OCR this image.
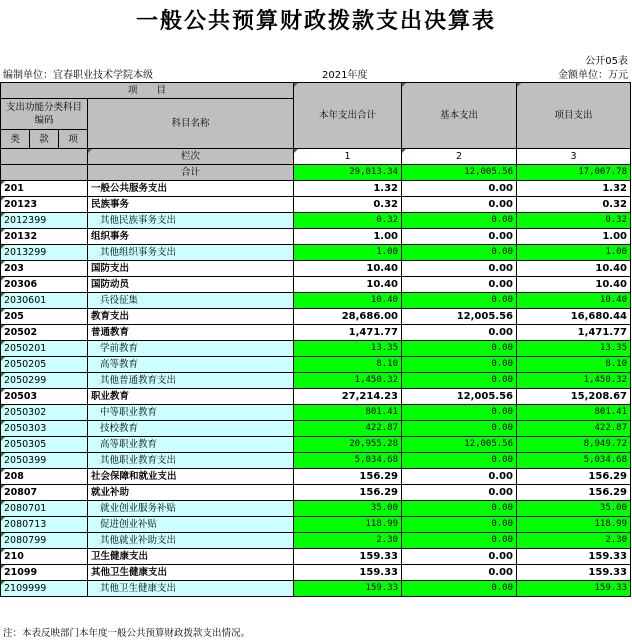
一般公共预算财政拨款支出决算表
公开05表
编制单位：宜春职业技术学院本级	2021年度	金额单位：万元
项　　目				本年支出合计	基本支出	项目支出
支出功能分类科目编码			科目名称			

类	款	项				
			栏次	1	2	3
			合计	29,013.34	12,005.56	17,007.78
201			一般公共服务支出	1.32	0.00	1.32
20123			民族事务	0.32	0.00	0.32
2012399			其他民族事务支出	0.32	0.00	0.32
20132			组织事务	1.00	0.00	1.00
2013299			其他组织事务支出	1.00	0.00	1.00
203			国防支出	10.40	0.00	10.40
20306			国防动员	10.40	0.00	10.40
2030601			兵役征集	10.40	0.00	10.40
205			教育支出	28,686.00	12,005.56	16,680.44
20502			普通教育	1,471.77	0.00	1,471.77
2050201			学前教育	13.35	0.00	13.35
2050205			高等教育	8.10	0.00	8.10
2050299			其他普通教育支出	1,450.32	0.00	1,450.32
20503			职业教育	27,214.23	12,005.56	15,208.67
2050302			中等职业教育	801.41	0.00	801.41
2050303			技校教育	422.87	0.00	422.87
2050305			高等职业教育	20,955.28	12,005.56	8,949.72
2050399			其他职业教育支出	5,034.68	0.00	5,034.68
208			社会保障和就业支出	156.29	0.00	156.29
20807			就业补助	156.29	0.00	156.29
2080701			就业创业服务补贴	35.00	0.00	35.00
2080713			促进创业补贴	118.99	0.00	118.99
2080799			其他就业补助支出	2.30	0.00	2.30
210			卫生健康支出	159.33	0.00	159.33
21099			其他卫生健康支出	159.33	0.00	159.33
2109999			其他卫生健康支出	159.33	0.00	159.33
注：本表反映部门本年度一般公共预算财政拨款支出情况。
